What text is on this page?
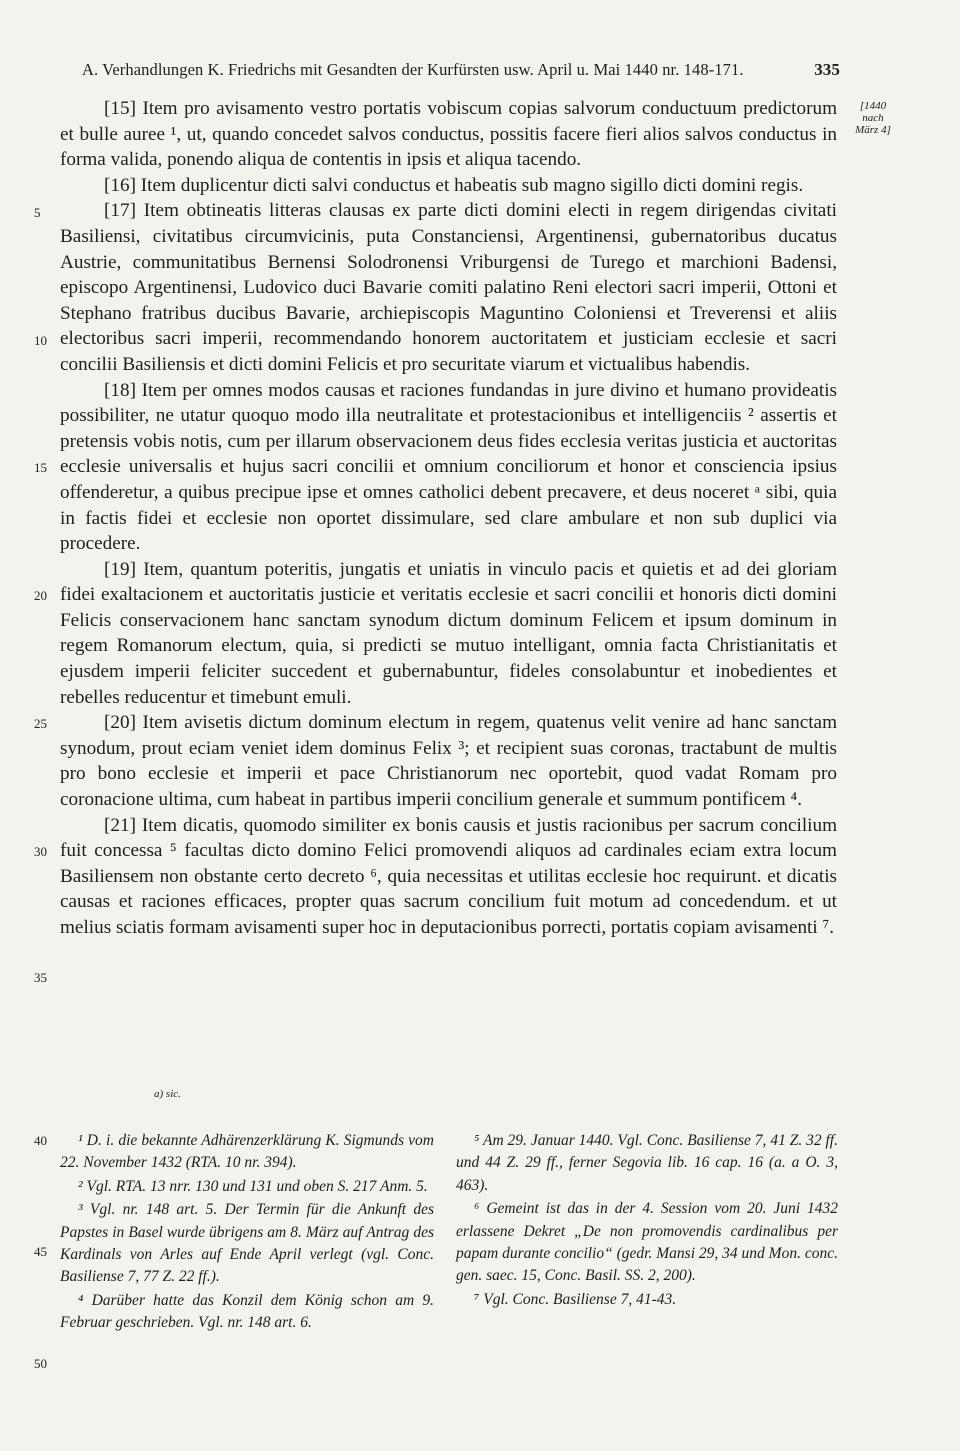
A. Verhandlungen K. Friedrichs mit Gesandten der Kurfürsten usw. April u. Mai 1440 nr. 148-171.	335
[1440
nach
März 4]
5
10
15
20
25
30
35
40
45
50

[15] Item pro avisamento vestro portatis vobiscum copias salvorum conductuum predictorum et bulle auree ¹, ut, quando concedet salvos conductus, possitis facere fieri alios salvos conductus in forma valida, ponendo aliqua de contentis in ipsis et aliqua tacendo.

[16] Item duplicentur dicti salvi conductus et habeatis sub magno sigillo dicti domini regis.

[17] Item obtineatis litteras clausas ex parte dicti domini electi in regem dirigendas civitati Basiliensi, civitatibus circumvicinis, puta Constanciensi, Argentinensi, gubernatoribus ducatus Austrie, communitatibus Bernensi Solodronensi Vriburgensi de Turego et marchioni Badensi, episcopo Argentinensi, Ludovico duci Bavarie comiti palatino Reni electori sacri imperii, Ottoni et Stephano fratribus ducibus Bavarie, archiepiscopis Maguntino Coloniensi et Treverensi et aliis electoribus sacri imperii, recommendando honorem auctoritatem et justiciam ecclesie et sacri concilii Basiliensis et dicti domini Felicis et pro securitate viarum et victualibus habendis.

[18] Item per omnes modos causas et raciones fundandas in jure divino et humano provideatis possibiliter, ne utatur quoquo modo illa neutralitate et protestacionibus et intelligenciis ² assertis et pretensis vobis notis, cum per illarum observacionem deus fides ecclesia veritas justicia et auctoritas ecclesie universalis et hujus sacri concilii et omnium conciliorum et honor et consciencia ipsius offenderetur, a quibus precipue ipse et omnes catholici debent precavere, et deus noceret ᵃ sibi, quia in factis fidei et ecclesie non oportet dissimulare, sed clare ambulare et non sub duplici via procedere.

[19] Item, quantum poteritis, jungatis et uniatis in vinculo pacis et quietis et ad dei gloriam fidei exaltacionem et auctoritatis justicie et veritatis ecclesie et sacri concilii et honoris dicti domini Felicis conservacionem hanc sanctam synodum dictum dominum Felicem et ipsum dominum in regem Romanorum electum, quia, si predicti se mutuo intelligant, omnia facta Christianitatis et ejusdem imperii feliciter succedent et gubernabuntur, fideles consolabuntur et inobedientes et rebelles reducentur et timebunt emuli.

[20] Item avisetis dictum dominum electum in regem, quatenus velit venire ad hanc sanctam synodum, prout eciam veniet idem dominus Felix ³; et recipient suas coronas, tractabunt de multis pro bono ecclesie et imperii et pace Christianorum nec oportebit, quod vadat Romam pro coronacione ultima, cum habeat in partibus imperii concilium generale et summum pontificem ⁴.

[21] Item dicatis, quomodo similiter ex bonis causis et justis racionibus per sacrum concilium fuit concessa ⁵ facultas dicto domino Felici promovendi aliquos ad cardinales eciam extra locum Basiliensem non obstante certo decreto ⁶, quia necessitas et utilitas ecclesie hoc requirunt. et dicatis causas et raciones efficaces, propter quas sacrum concilium fuit motum ad concedendum. et ut melius sciatis formam avisamenti super hoc in deputacionibus porrecti, portatis copiam avisamenti ⁷.

a) sic.

¹ D. i. die bekannte Adhärenzerklärung K. Sigmunds vom 22. November 1432 (RTA. 10 nr. 394).

² Vgl. RTA. 13 nrr. 130 und 131 und oben S. 217 Anm. 5.

³ Vgl. nr. 148 art. 5. Der Termin für die Ankunft des Papstes in Basel wurde übrigens am 8. März auf Antrag des Kardinals von Arles auf Ende April verlegt (vgl. Conc. Basiliense 7, 77 Z. 22 ff.).

⁴ Darüber hatte das Konzil dem König schon am 9. Februar geschrieben. Vgl. nr. 148 art. 6.

⁵ Am 29. Januar 1440. Vgl. Conc. Basiliense 7, 41 Z. 32 ff. und 44 Z. 29 ff., ferner Segovia lib. 16 cap. 16 (a. a O. 3, 463).

⁶ Gemeint ist das in der 4. Session vom 20. Juni 1432 erlassene Dekret „De non promovendis cardinalibus per papam durante concilio“ (gedr. Mansi 29, 34 und Mon. conc. gen. saec. 15, Conc. Basil. SS. 2, 200).

⁷ Vgl. Conc. Basiliense 7, 41-43.
